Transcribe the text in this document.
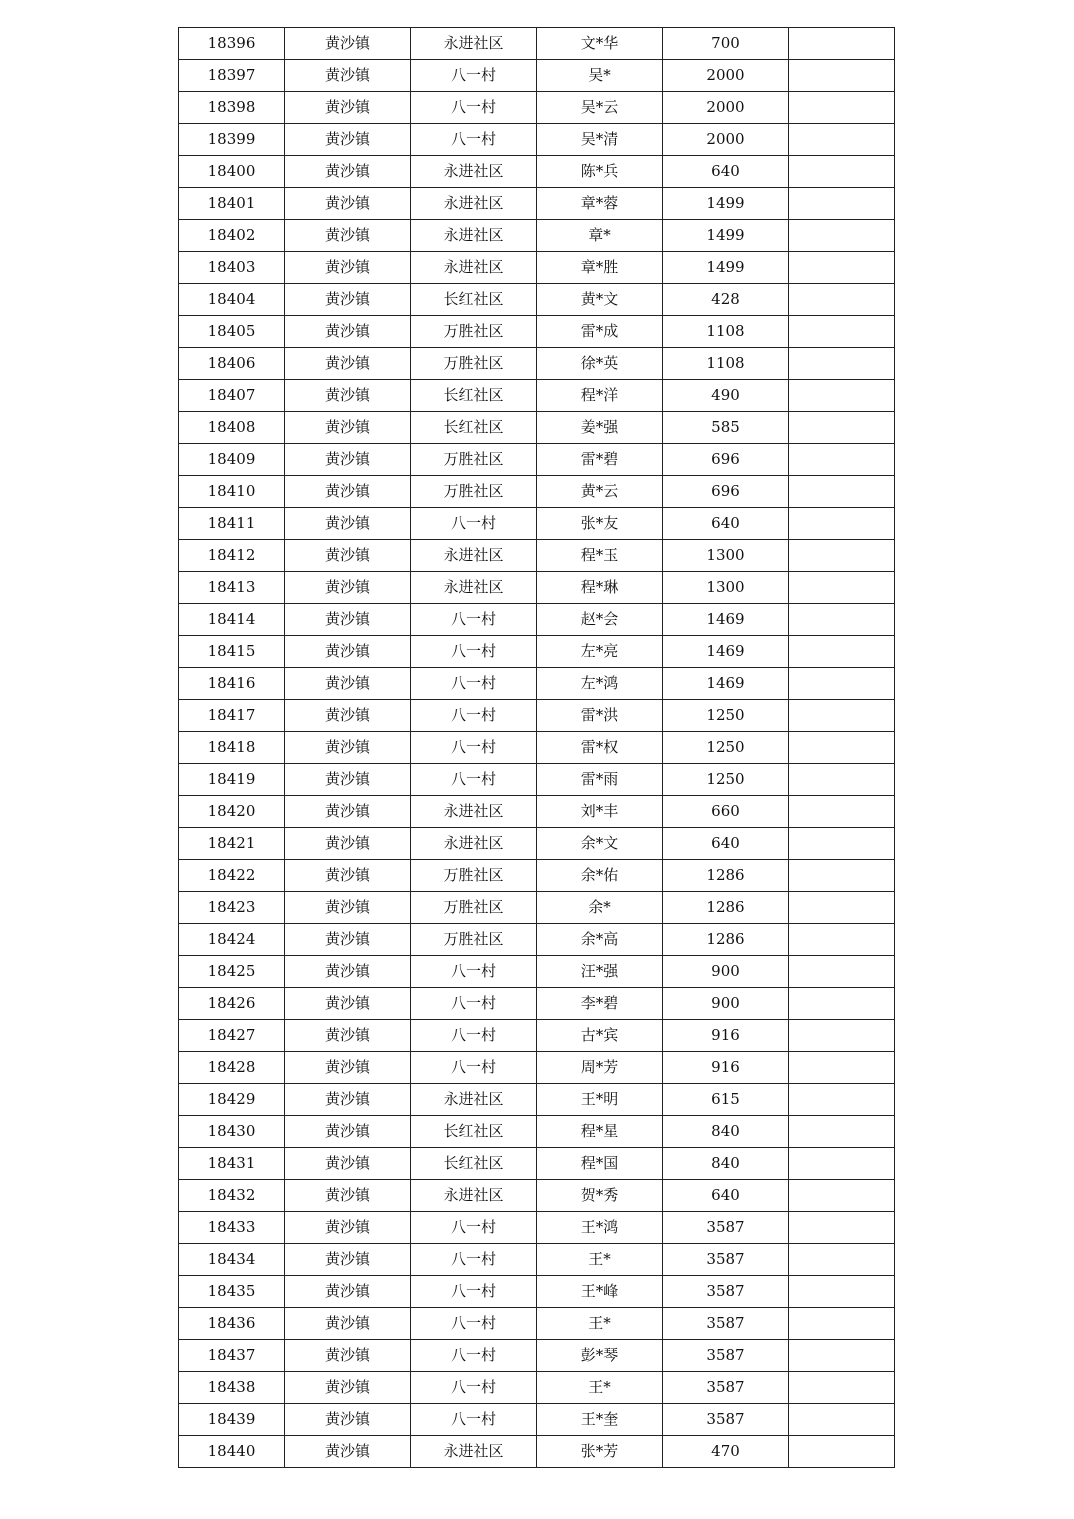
18396	黄沙镇	永进社区	文*华	700	
18397	黄沙镇	八一村	吴*	2000	
18398	黄沙镇	八一村	吴*云	2000	
18399	黄沙镇	八一村	吴*清	2000	
18400	黄沙镇	永进社区	陈*兵	640	
18401	黄沙镇	永进社区	章*蓉	1499	
18402	黄沙镇	永进社区	章*	1499	
18403	黄沙镇	永进社区	章*胜	1499	
18404	黄沙镇	长红社区	黄*文	428	
18405	黄沙镇	万胜社区	雷*成	1108	
18406	黄沙镇	万胜社区	徐*英	1108	
18407	黄沙镇	长红社区	程*洋	490	
18408	黄沙镇	长红社区	姜*强	585	
18409	黄沙镇	万胜社区	雷*碧	696	
18410	黄沙镇	万胜社区	黄*云	696	
18411	黄沙镇	八一村	张*友	640	
18412	黄沙镇	永进社区	程*玉	1300	
18413	黄沙镇	永进社区	程*琳	1300	
18414	黄沙镇	八一村	赵*会	1469	
18415	黄沙镇	八一村	左*亮	1469	
18416	黄沙镇	八一村	左*鸿	1469	
18417	黄沙镇	八一村	雷*洪	1250	
18418	黄沙镇	八一村	雷*权	1250	
18419	黄沙镇	八一村	雷*雨	1250	
18420	黄沙镇	永进社区	刘*丰	660	
18421	黄沙镇	永进社区	余*文	640	
18422	黄沙镇	万胜社区	余*佑	1286	
18423	黄沙镇	万胜社区	余*	1286	
18424	黄沙镇	万胜社区	余*高	1286	
18425	黄沙镇	八一村	汪*强	900	
18426	黄沙镇	八一村	李*碧	900	
18427	黄沙镇	八一村	古*宾	916	
18428	黄沙镇	八一村	周*芳	916	
18429	黄沙镇	永进社区	王*明	615	
18430	黄沙镇	长红社区	程*星	840	
18431	黄沙镇	长红社区	程*国	840	
18432	黄沙镇	永进社区	贺*秀	640	
18433	黄沙镇	八一村	王*鸿	3587	
18434	黄沙镇	八一村	王*	3587	
18435	黄沙镇	八一村	王*峰	3587	
18436	黄沙镇	八一村	王*	3587	
18437	黄沙镇	八一村	彭*琴	3587	
18438	黄沙镇	八一村	王*	3587	
18439	黄沙镇	八一村	王*奎	3587	
18440	黄沙镇	永进社区	张*芳	470	
